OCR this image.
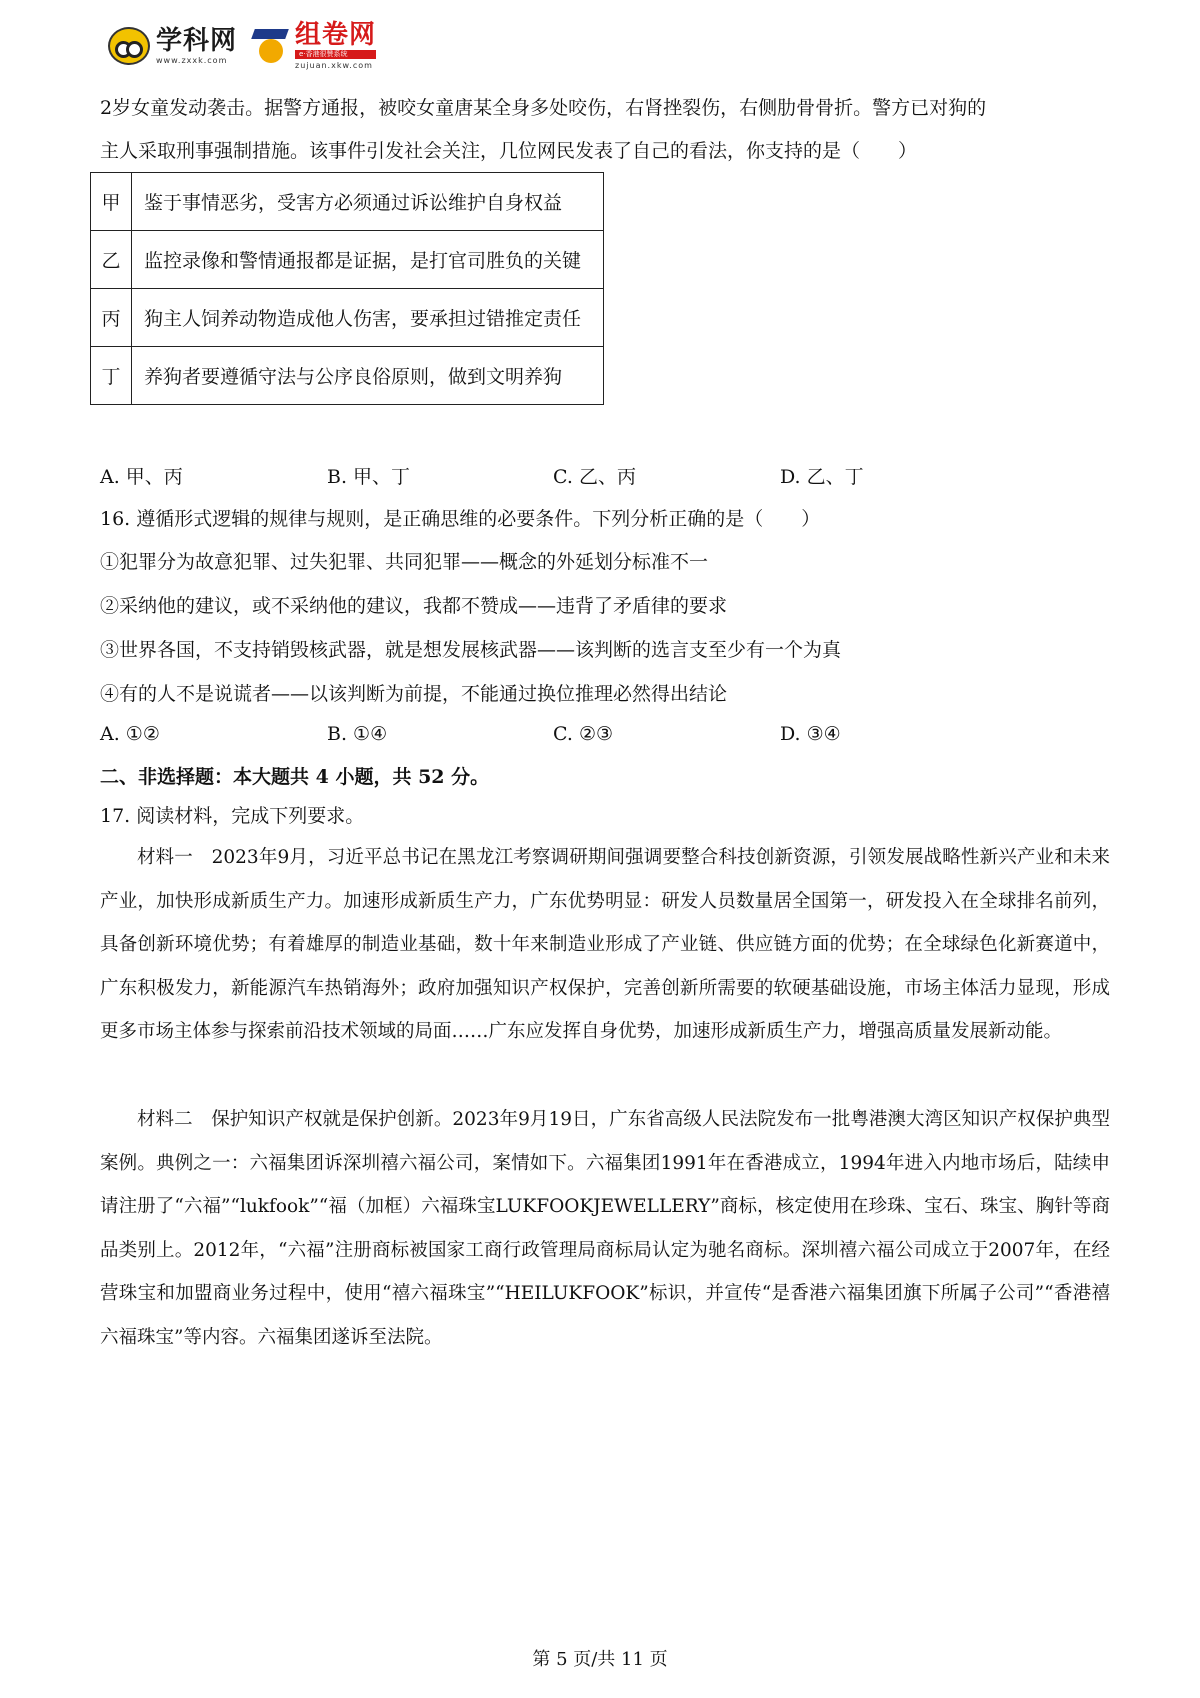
学科网
www.zxxk.com
组卷网
e·香港很赞系统
zujuan.xkw.com
2岁女童发动袭击。据警方通报，被咬女童唐某全身多处咬伤，右肾挫裂伤，右侧肋骨骨折。警方已对狗的
主人采取刑事强制措施。该事件引发社会关注，几位网民发表了自己的看法，你支持的是（　　）
甲	鉴于事情恶劣，受害方必须通过诉讼维护自身权益
乙	监控录像和警情通报都是证据，是打官司胜负的关键
丙	狗主人饲养动物造成他人伤害，要承担过错推定责任
丁	养狗者要遵循守法与公序良俗原则，做到文明养狗
A. 甲、丙	B. 甲、丁	C. 乙、丙	D. 乙、丁
16. 遵循形式逻辑的规律与规则，是正确思维的必要条件。下列分析正确的是（　　）
①犯罪分为故意犯罪、过失犯罪、共同犯罪——概念的外延划分标准不一
②采纳他的建议，或不采纳他的建议，我都不赞成——违背了矛盾律的要求
③世界各国，不支持销毁核武器，就是想发展核武器——该判断的选言支至少有一个为真
④有的人不是说谎者——以该判断为前提，不能通过换位推理必然得出结论
A. ①②	B. ①④	C. ②③	D. ③④
二、非选择题：本大题共 4 小题，共 52 分。
17. 阅读材料，完成下列要求。
材料一　2023年9月，习近平总书记在黑龙江考察调研期间强调要整合科技创新资源，引领发展战略性新兴产业和未来产业，加快形成新质生产力。加速形成新质生产力，广东优势明显：研发人员数量居全国第一，研发投入在全球排名前列，具备创新环境优势；有着雄厚的制造业基础，数十年来制造业形成了产业链、供应链方面的优势；在全球绿色化新赛道中，广东积极发力，新能源汽车热销海外；政府加强知识产权保护，完善创新所需要的软硬基础设施，市场主体活力显现，形成更多市场主体参与探索前沿技术领域的局面……广东应发挥自身优势，加速形成新质生产力，增强高质量发展新动能。
材料二　保护知识产权就是保护创新。2023年9月19日，广东省高级人民法院发布一批粤港澳大湾区知识产权保护典型案例。典例之一：六福集团诉深圳禧六福公司，案情如下。六福集团1991年在香港成立，1994年进入内地市场后，陆续申请注册了“六福”“lukfook”“福（加框）六福珠宝LUKFOOKJEWELLERY”商标，核定使用在珍珠、宝石、珠宝、胸针等商品类别上。2012年，“六福”注册商标被国家工商行政管理局商标局认定为驰名商标。深圳禧六福公司成立于2007年，在经营珠宝和加盟商业务过程中，使用“禧六福珠宝”“HEILUKFOOK”标识，并宣传“是香港六福集团旗下所属子公司”“香港禧六福珠宝”等内容。六福集团遂诉至法院。
第 5 页/共 11 页
